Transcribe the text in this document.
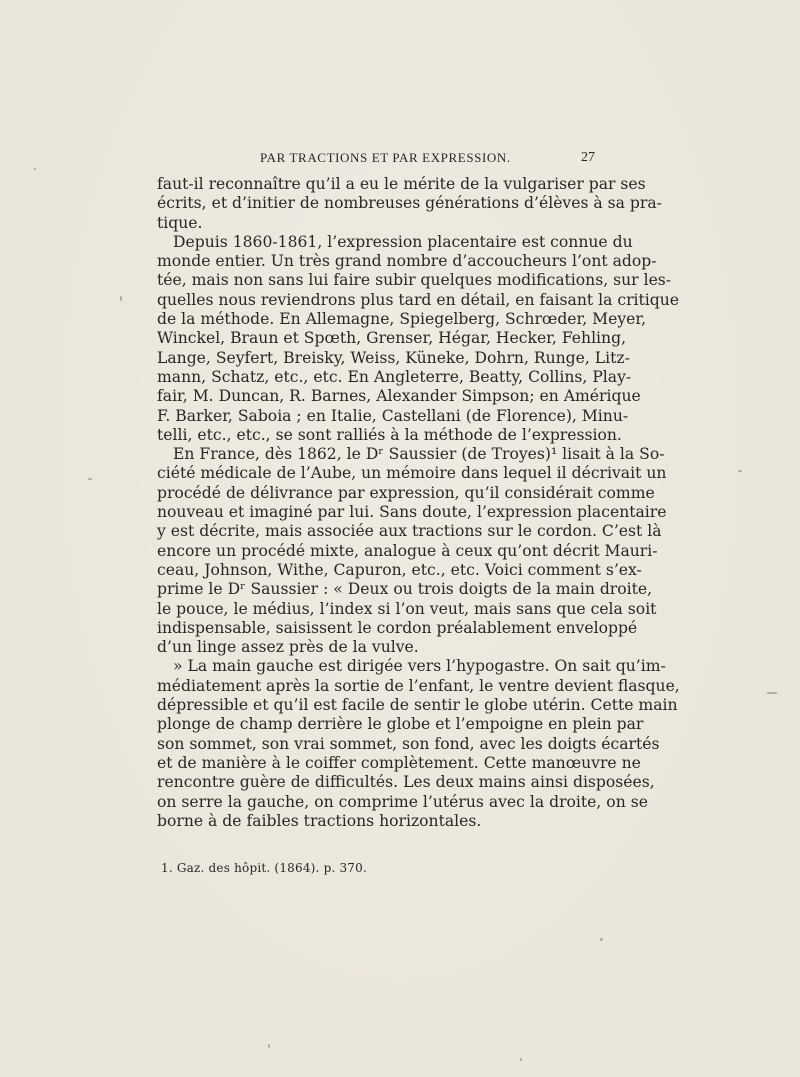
PAR TRACTIONS ET PAR EXPRESSION.	27
faut-il reconnaître qu’il a eu le mérite de la vulgariser par ses
écrits, et d’initier de nombreuses générations d’élèves à sa pra-
tique.
Depuis 1860-1861, l’expression placentaire est connue du
monde entier. Un très grand nombre d’accoucheurs l’ont adop-
tée, mais non sans lui faire subir quelques modifications, sur les-
quelles nous reviendrons plus tard en détail, en faisant la critique
de la méthode. En Allemagne, Spiegelberg, Schrœder, Meyer,
Winckel, Braun et Spœth, Grenser, Hégar, Hecker, Fehling,
Lange, Seyfert, Breisky, Weiss, Küneke, Dohrn, Runge, Litz-
mann, Schatz, etc., etc. En Angleterre, Beatty, Collins, Play-
fair, M. Duncan, R. Barnes, Alexander Simpson; en Amérique
F. Barker, Saboia ; en Italie, Castellani (de Florence), Minu-
telli, etc., etc., se sont ralliés à la méthode de l’expression.
En France, dès 1862, le Dʳ Saussier (de Troyes)¹ lisait à la So-
ciété médicale de l’Aube, un mémoire dans lequel il décrivait un
procédé de délivrance par expression, qu’il considérait comme
nouveau et imaginé par lui. Sans doute, l’expression placentaire
y est décrite, mais associée aux tractions sur le cordon. C’est là
encore un procédé mixte, analogue à ceux qu’ont décrit Mauri-
ceau, Johnson, Withe, Capuron, etc., etc. Voici comment s’ex-
prime le Dʳ Saussier : « Deux ou trois doigts de la main droite,
le pouce, le médius, l’index si l’on veut, mais sans que cela soit
indispensable, saisissent le cordon préalablement enveloppé
d’un linge assez près de la vulve.
» La main gauche est dirigée vers l’hypogastre. On sait qu’im-
médiatement après la sortie de l’enfant, le ventre devient flasque,
dépressible et qu’il est facile de sentir le globe utérin. Cette main
plonge de champ derrière le globe et l’empoigne en plein par
son sommet, son vrai sommet, son fond, avec les doigts écartés
et de manière à le coiffer complètement. Cette manœuvre ne
rencontre guère de difficultés. Les deux mains ainsi disposées,
on serre la gauche, on comprime l’utérus avec la droite, on se
borne à de faibles tractions horizontales.
1. Gaz. des hôpit. (1864). p. 370.
